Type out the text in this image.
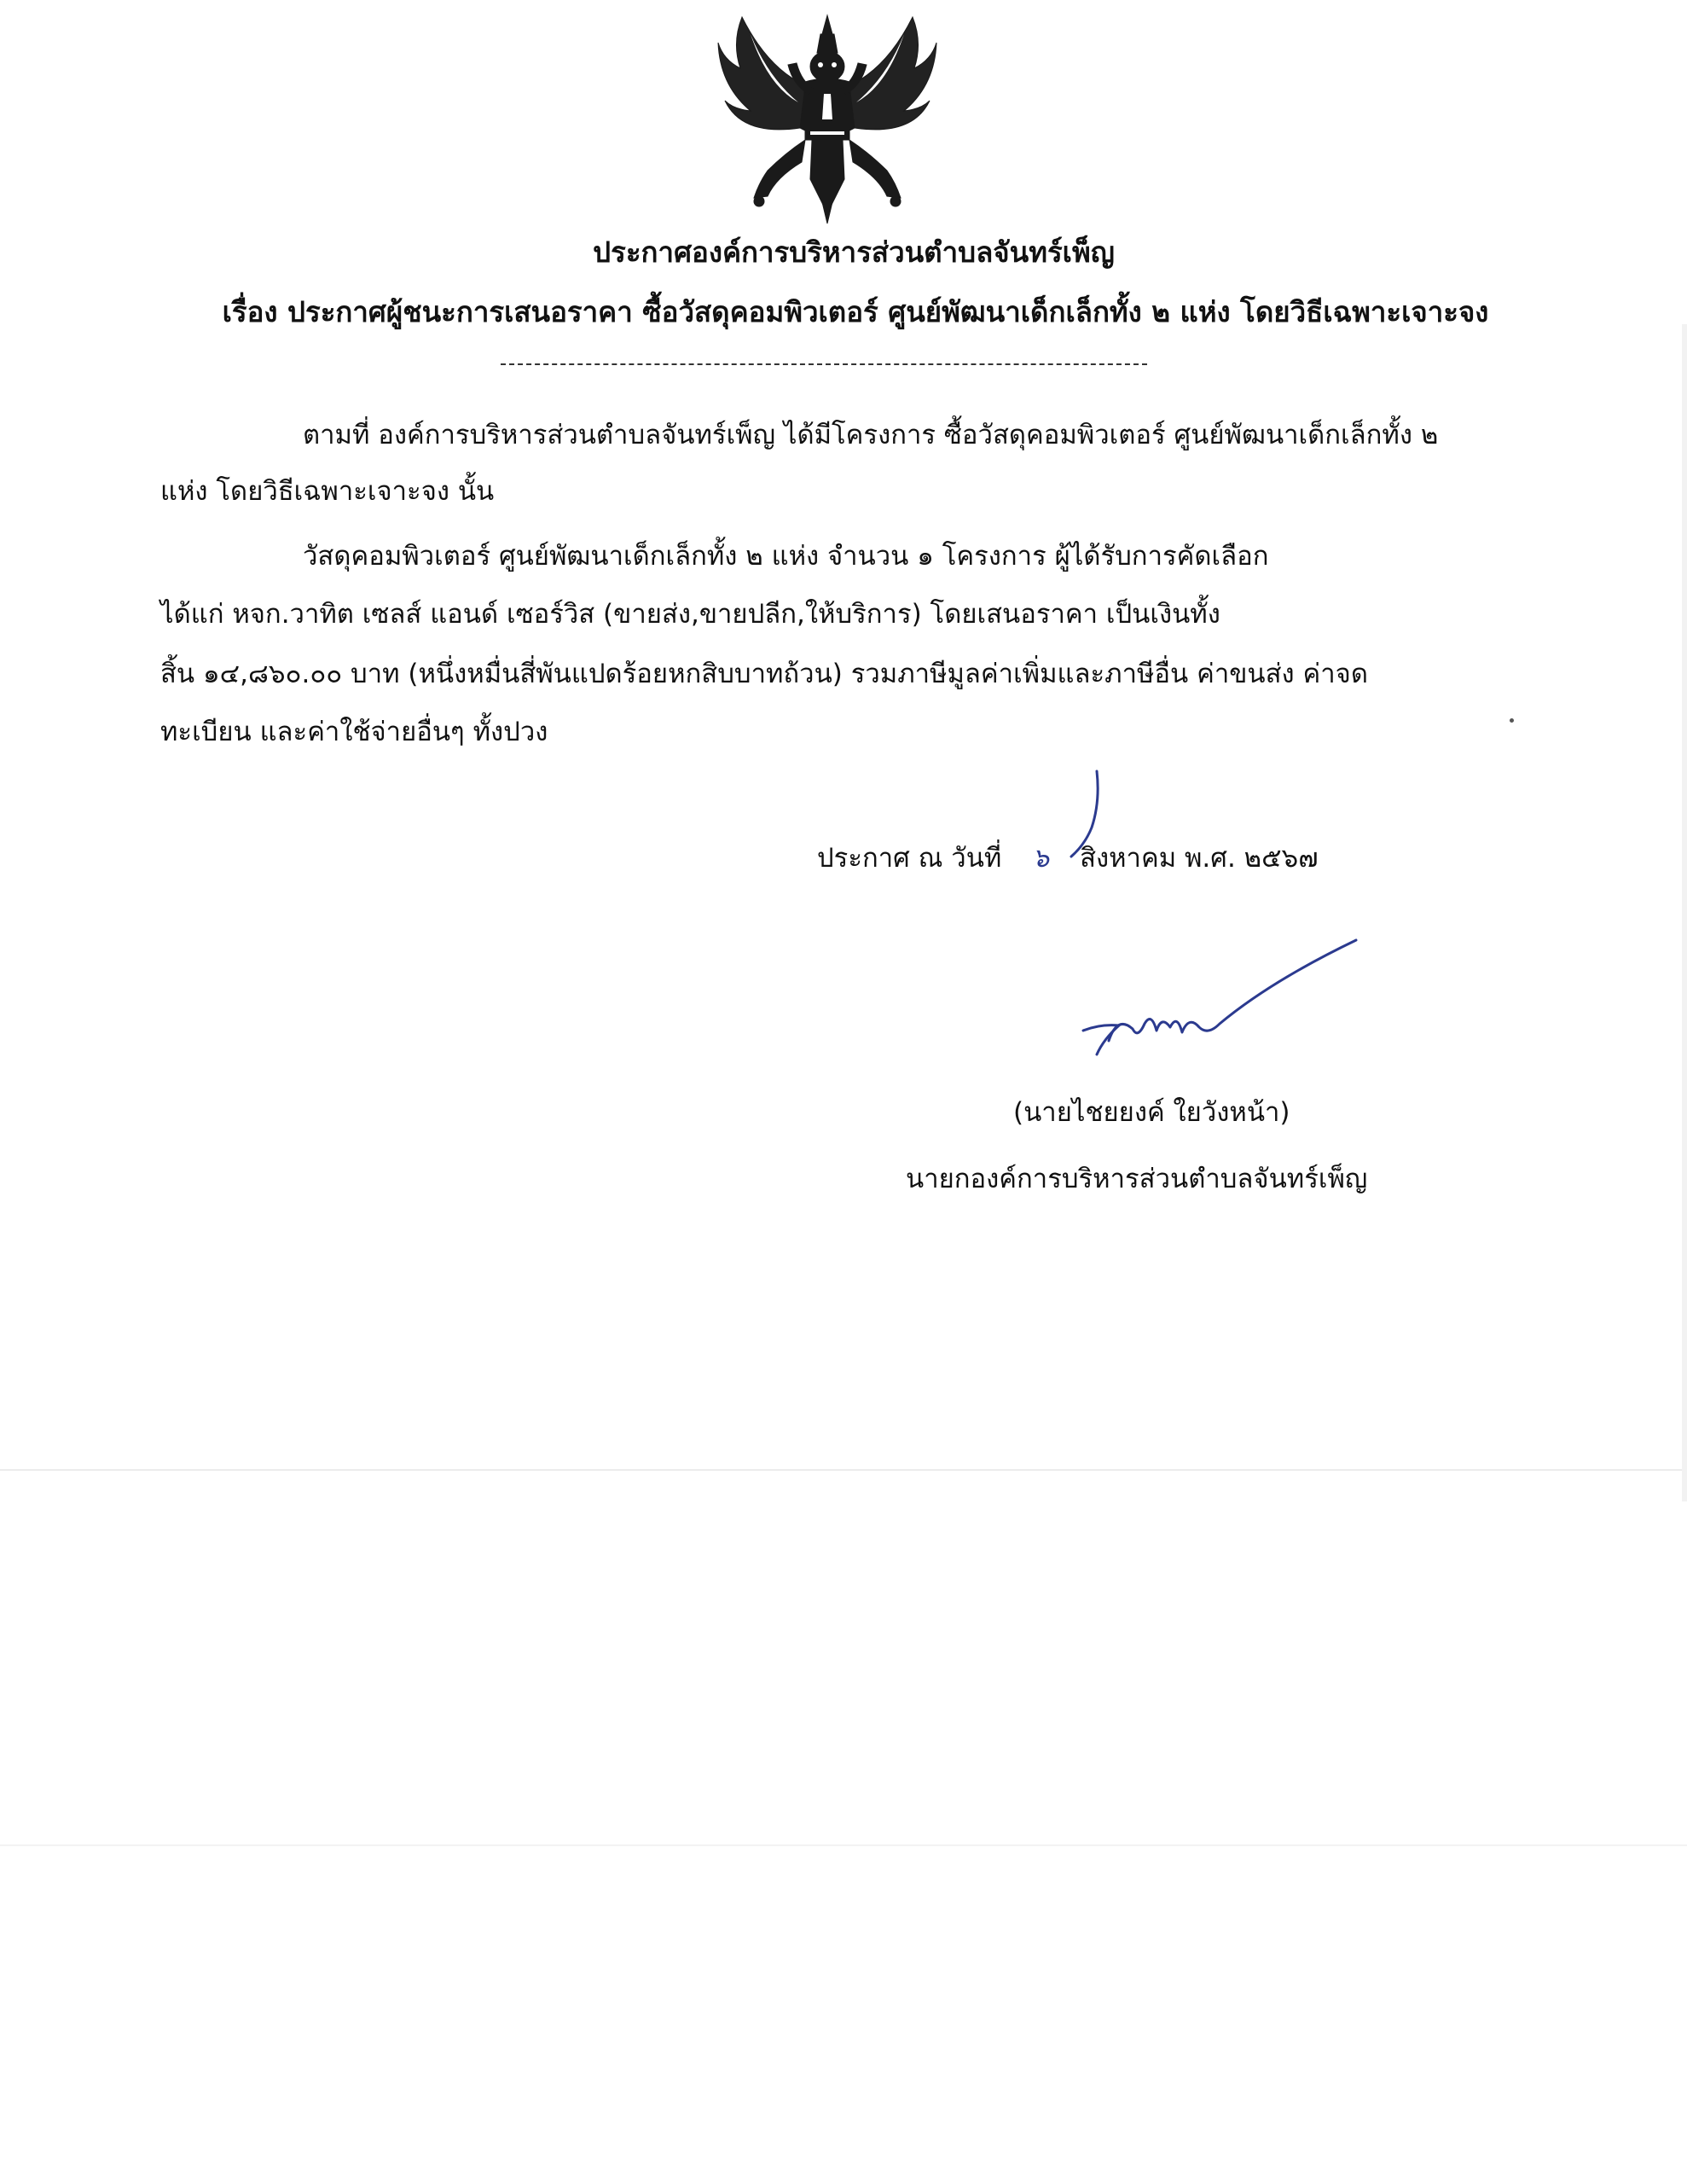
ประกาศองค์การบริหารส่วนตำบลจันทร์เพ็ญ
เรื่อง ประกาศผู้ชนะการเสนอราคา ซื้อวัสดุคอมพิวเตอร์ ศูนย์พัฒนาเด็กเล็กทั้ง ๒ แห่ง โดยวิธีเฉพาะเจาะจง
ตามที่ องค์การบริหารส่วนตำบลจันทร์เพ็ญ ได้มีโครงการ ซื้อวัสดุคอมพิวเตอร์ ศูนย์พัฒนาเด็กเล็กทั้ง ๒
แห่ง โดยวิธีเฉพาะเจาะจง นั้น
วัสดุคอมพิวเตอร์ ศูนย์พัฒนาเด็กเล็กทั้ง ๒ แห่ง จำนวน ๑ โครงการ ผู้ได้รับการคัดเลือก
ได้แก่ หจก.วาทิต เซลส์ แอนด์ เซอร์วิส (ขายส่ง,ขายปลีก,ให้บริการ) โดยเสนอราคา เป็นเงินทั้ง
สิ้น ๑๔,๘๖๐.๐๐ บาท (หนึ่งหมื่นสี่พันแปดร้อยหกสิบบาทถ้วน) รวมภาษีมูลค่าเพิ่มและภาษีอื่น ค่าขนส่ง ค่าจด
ทะเบียน และค่าใช้จ่ายอื่นๆ ทั้งปวง
ประกาศ ณ วันที่ ๖ สิงหาคม พ.ศ. ๒๕๖๗
(นายไชยยงค์ ใยวังหน้า)
นายกองค์การบริหารส่วนตำบลจันทร์เพ็ญ
